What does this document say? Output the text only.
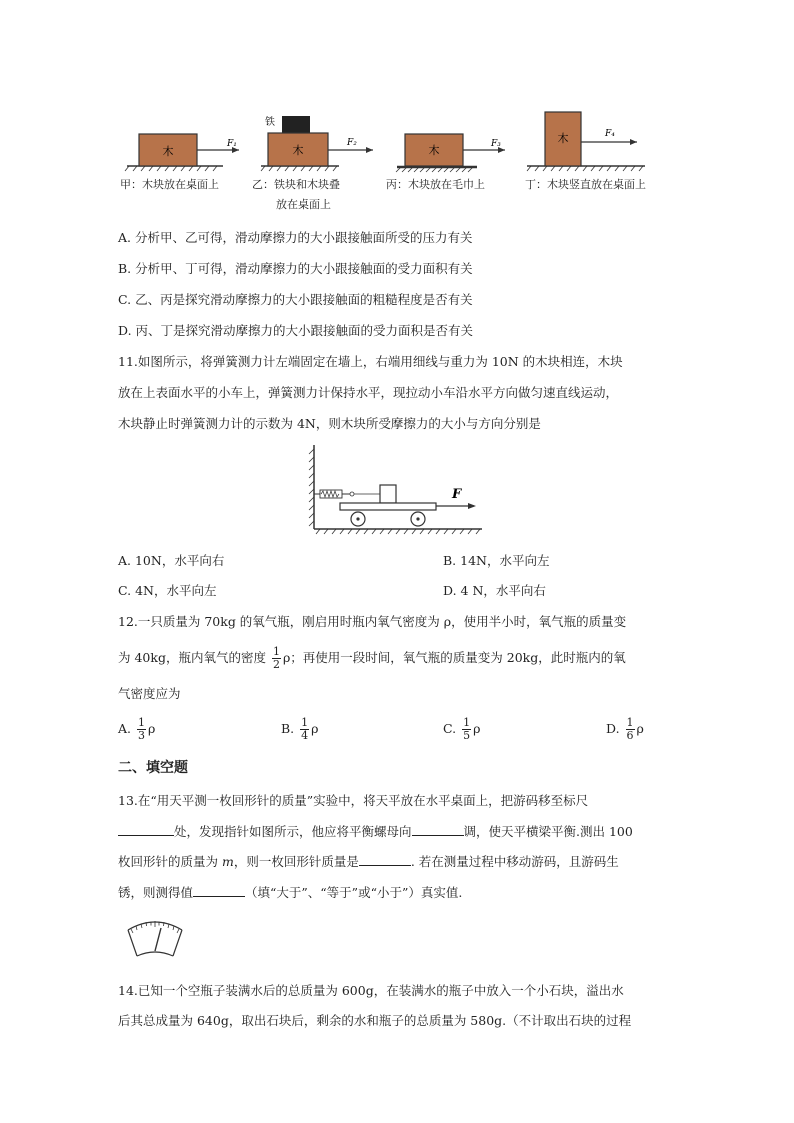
木
F₁
铁
木
F₂
木	F₃	木	F₄
甲：木块放在桌面上	乙：铁块和木块叠
放在桌面上
丙：木块放在毛巾上	丁：木块竖直放在桌面上
A. 分析甲、乙可得，滑动摩擦力的大小跟接触面所受的压力有关
B. 分析甲、丁可得，滑动摩擦力的大小跟接触面的受力面积有关
C. 乙、丙是探究滑动摩擦力的大小跟接触面的粗糙程度是否有关
D. 丙、丁是探究滑动摩擦力的大小跟接触面的受力面积是否有关
11.如图所示，将弹簧测力计左端固定在墙上，右端用细线与重力为 10N 的木块相连，木块
放在上表面水平的小车上，弹簧测力计保持水平，现拉动小车沿水平方向做匀速直线运动，
木块静止时弹簧测力计的示数为 4N，则木块所受摩擦力的大小与方向分别是
F
A. 10N，水平向右	B. 14N，水平向左
C. 4N，水平向左	D. 4 N，水平向右
12.一只质量为 70kg 的氧气瓶，刚启用时瓶内氧气密度为 ρ，使用半小时，氧气瓶的质量变
为 40kg，瓶内氧气的密度 $\frac{1}{2}$ ρ；再使用一段时间，氧气瓶的质量变为 20kg，此时瓶内的氧
气密度应为
A. $\frac{1}{3}$ ρ	B. $\frac{1}{4}$ ρ	C. $\frac{1}{5}$ ρ	D. $\frac{1}{6}$ ρ
二、填空题
13.在“用天平测一枚回形针的质量”实验中，将天平放在水平桌面上，把游码移至标尺
处，发现指针如图所示，他应将平衡螺母向	调，使天平横梁平衡.测出 100
枚回形针的质量为 m，则一枚回形针质量是	. 若在测量过程中移动游码，且游码生
锈，则测得值	（填“大于”、“等于”或“小于”）真实值.
14.已知一个空瓶子装满水后的总质量为 600g，在装满水的瓶子中放入一个小石块，溢出水
后其总成量为 640g，取出石块后，剩余的水和瓶子的总质量为 580g.（不计取出石块的过程
